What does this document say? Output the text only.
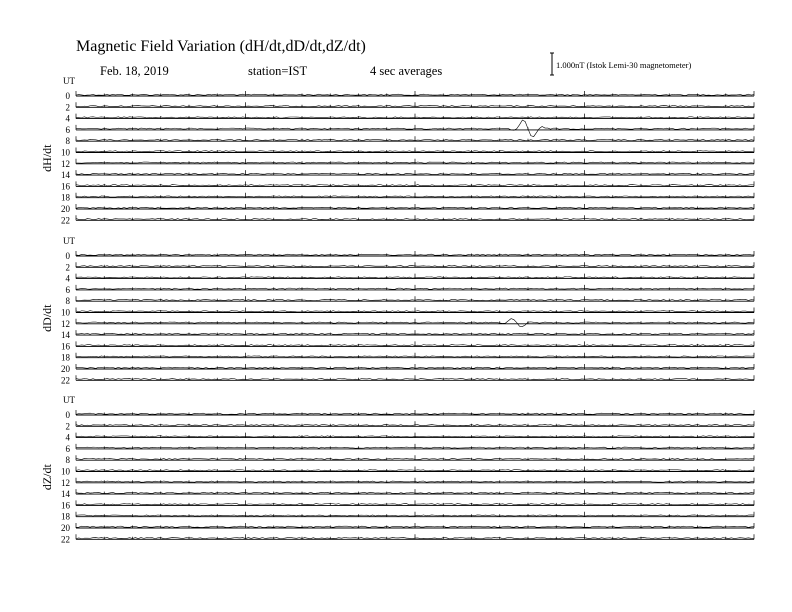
Magnetic Field Variation (dH/dt,dD/dt,dZ/dt)
Feb. 18, 2019	station=IST	4 sec averages	1.000nT (Istok Lemi-30 magnetometer)
UT
dH/dt
0
2
4
6
8
10
12
14
16
18
20
22
UT
dD/dt
0
2
4
6
8
10
12
14
16
18
20
22
UT
dZ/dt
0
2
4
6
8
10
12
14
16
18
20
22
